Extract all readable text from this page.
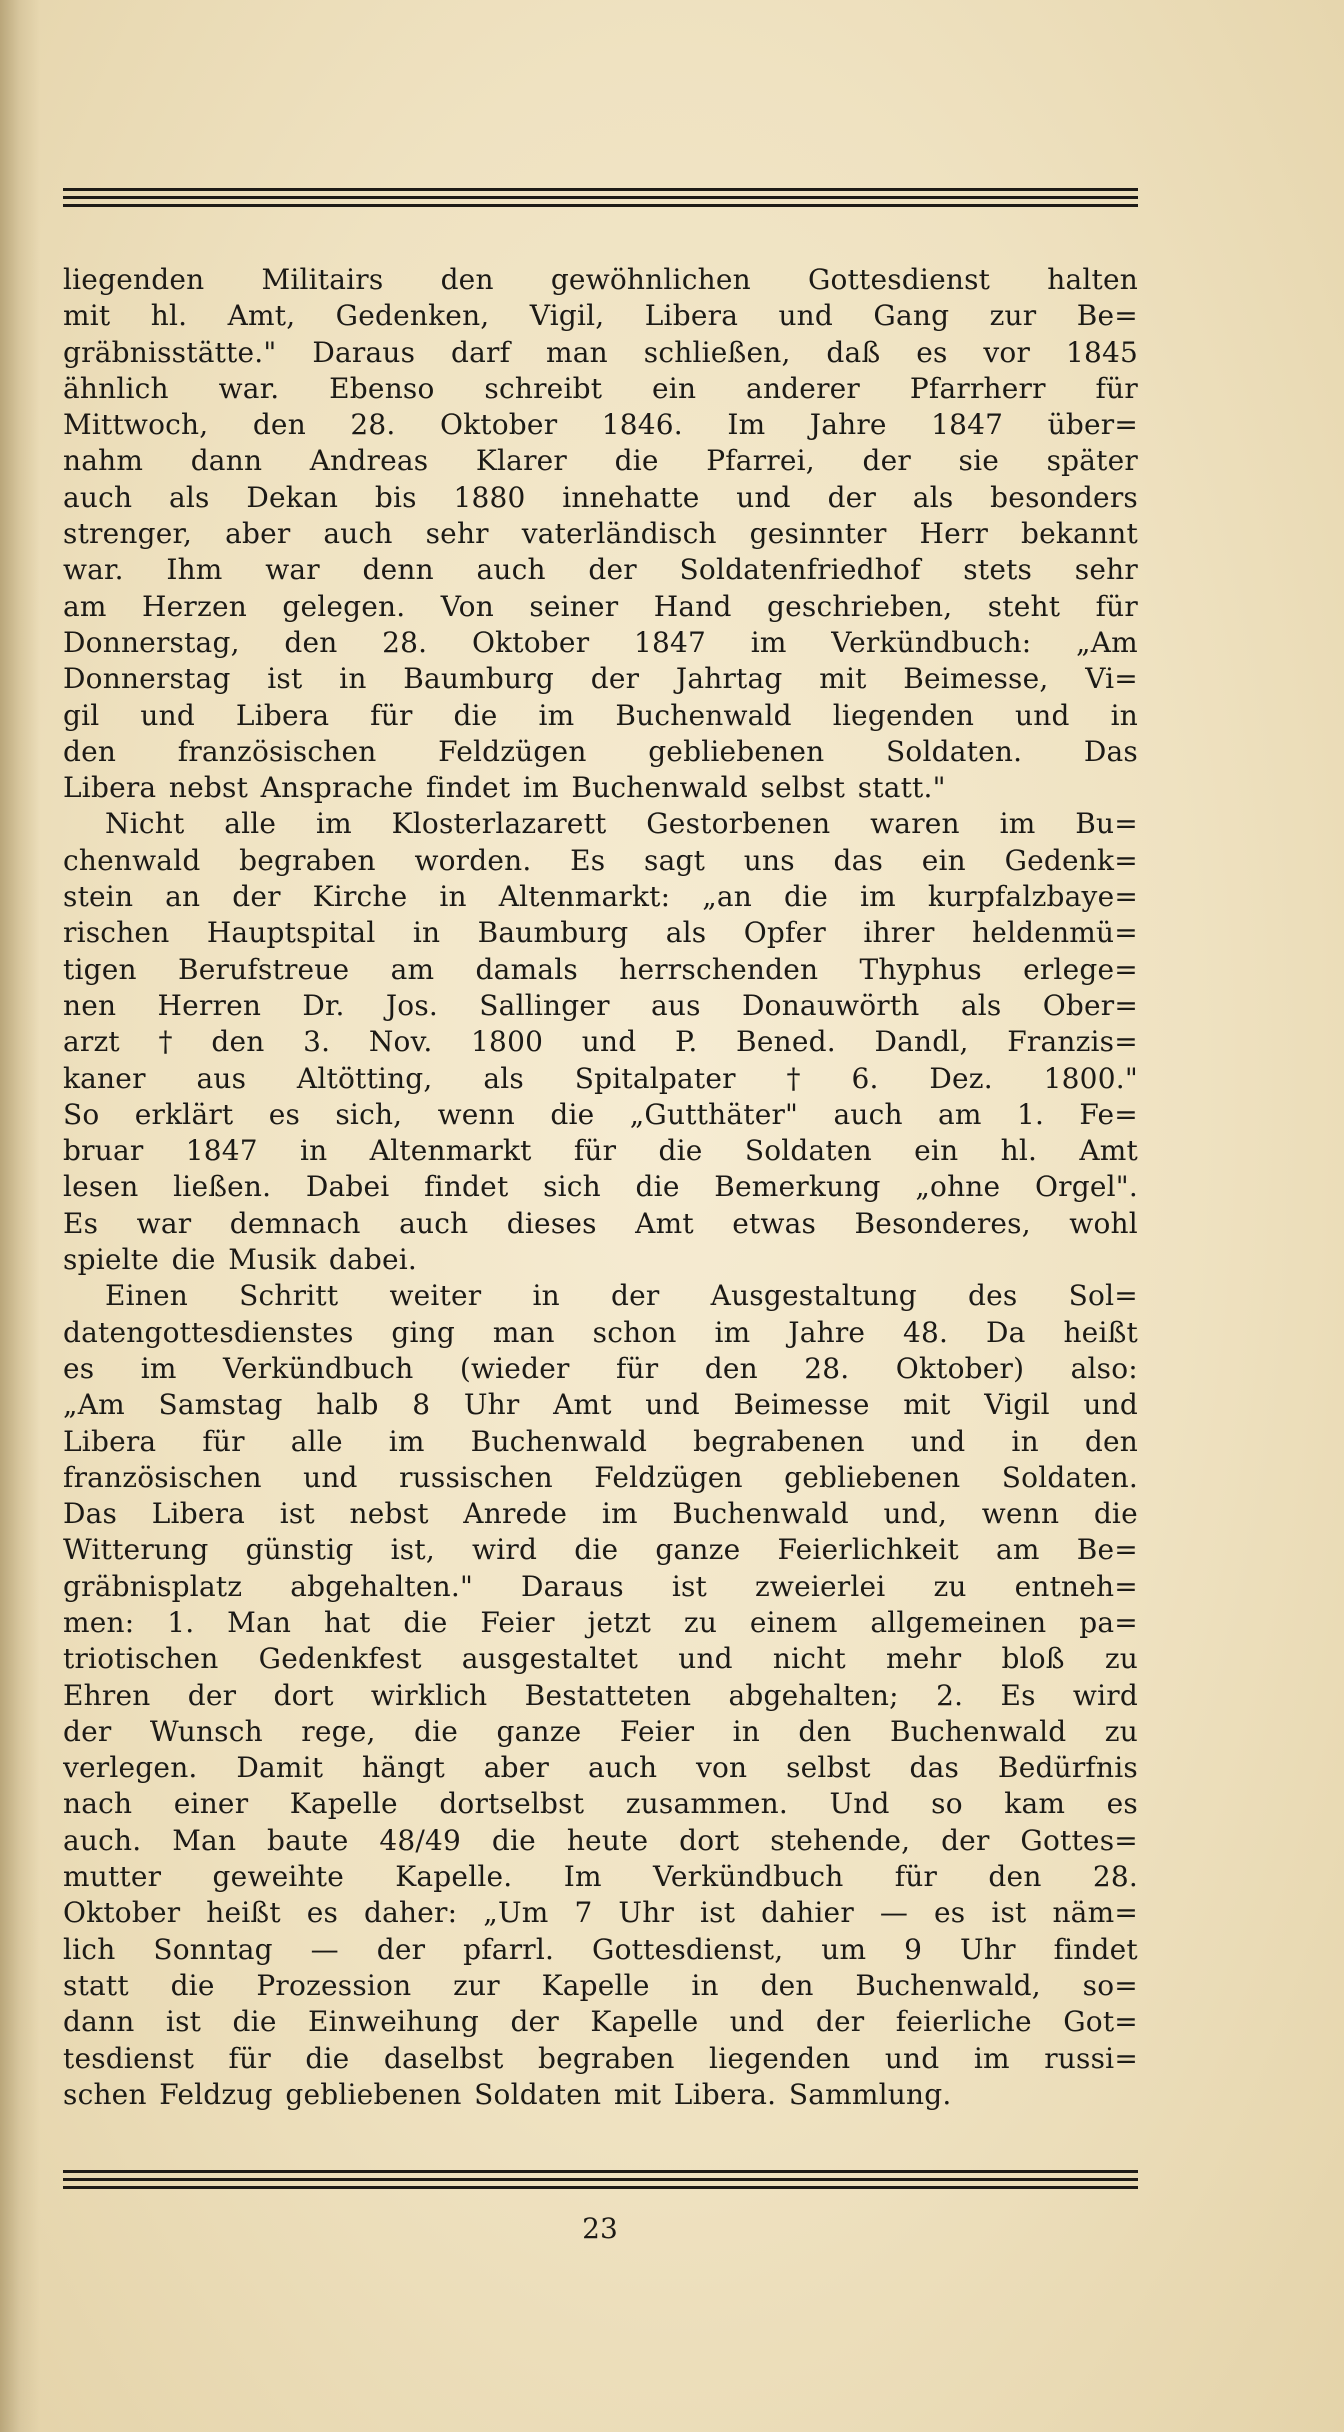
liegenden Militairs den gewöhnlichen Gottesdienst halten
mit hl. Amt, Gedenken, Vigil, Libera und Gang zur Be=
gräbnisstätte." Daraus darf man schließen, daß es vor 1845
ähnlich war. Ebenso schreibt ein anderer Pfarrherr für
Mittwoch, den 28. Oktober 1846. Im Jahre 1847 über=
nahm dann Andreas Klarer die Pfarrei, der sie später
auch als Dekan bis 1880 innehatte und der als besonders
strenger, aber auch sehr vaterländisch gesinnter Herr bekannt
war. Ihm war denn auch der Soldatenfriedhof stets sehr
am Herzen gelegen. Von seiner Hand geschrieben, steht für
Donnerstag, den 28. Oktober 1847 im Verkündbuch: „Am
Donnerstag ist in Baumburg der Jahrtag mit Beimesse, Vi=
gil und Libera für die im Buchenwald liegenden und in
den französischen Feldzügen gebliebenen Soldaten. Das
Libera nebst Ansprache findet im Buchenwald selbst statt."
Nicht alle im Klosterlazarett Gestorbenen waren im Bu=
chenwald begraben worden. Es sagt uns das ein Gedenk=
stein an der Kirche in Altenmarkt: „an die im kurpfalzbaye=
rischen Hauptspital in Baumburg als Opfer ihrer heldenmü=
tigen Berufstreue am damals herrschenden Thyphus erlege=
nen Herren Dr. Jos. Sallinger aus Donauwörth als Ober=
arzt † den 3. Nov. 1800 und P. Bened. Dandl, Franzis=
kaner aus Altötting, als Spitalpater † 6. Dez. 1800."
So erklärt es sich, wenn die „Gutthäter" auch am 1. Fe=
bruar 1847 in Altenmarkt für die Soldaten ein hl. Amt
lesen ließen. Dabei findet sich die Bemerkung „ohne Orgel".
Es war demnach auch dieses Amt etwas Besonderes, wohl
spielte die Musik dabei.
Einen Schritt weiter in der Ausgestaltung des Sol=
datengottesdienstes ging man schon im Jahre 48. Da heißt
es im Verkündbuch (wieder für den 28. Oktober) also:
„Am Samstag halb 8 Uhr Amt und Beimesse mit Vigil und
Libera für alle im Buchenwald begrabenen und in den
französischen und russischen Feldzügen gebliebenen Soldaten.
Das Libera ist nebst Anrede im Buchenwald und, wenn die
Witterung günstig ist, wird die ganze Feierlichkeit am Be=
gräbnisplatz abgehalten." Daraus ist zweierlei zu entneh=
men: 1. Man hat die Feier jetzt zu einem allgemeinen pa=
triotischen Gedenkfest ausgestaltet und nicht mehr bloß zu
Ehren der dort wirklich Bestatteten abgehalten; 2. Es wird
der Wunsch rege, die ganze Feier in den Buchenwald zu
verlegen. Damit hängt aber auch von selbst das Bedürfnis
nach einer Kapelle dortselbst zusammen. Und so kam es
auch. Man baute 48/49 die heute dort stehende, der Gottes=
mutter geweihte Kapelle. Im Verkündbuch für den 28.
Oktober heißt es daher: „Um 7 Uhr ist dahier — es ist näm=
lich Sonntag — der pfarrl. Gottesdienst, um 9 Uhr findet
statt die Prozession zur Kapelle in den Buchenwald, so=
dann ist die Einweihung der Kapelle und der feierliche Got=
tesdienst für die daselbst begraben liegenden und im russi=
schen Feldzug gebliebenen Soldaten mit Libera. Sammlung.
23
